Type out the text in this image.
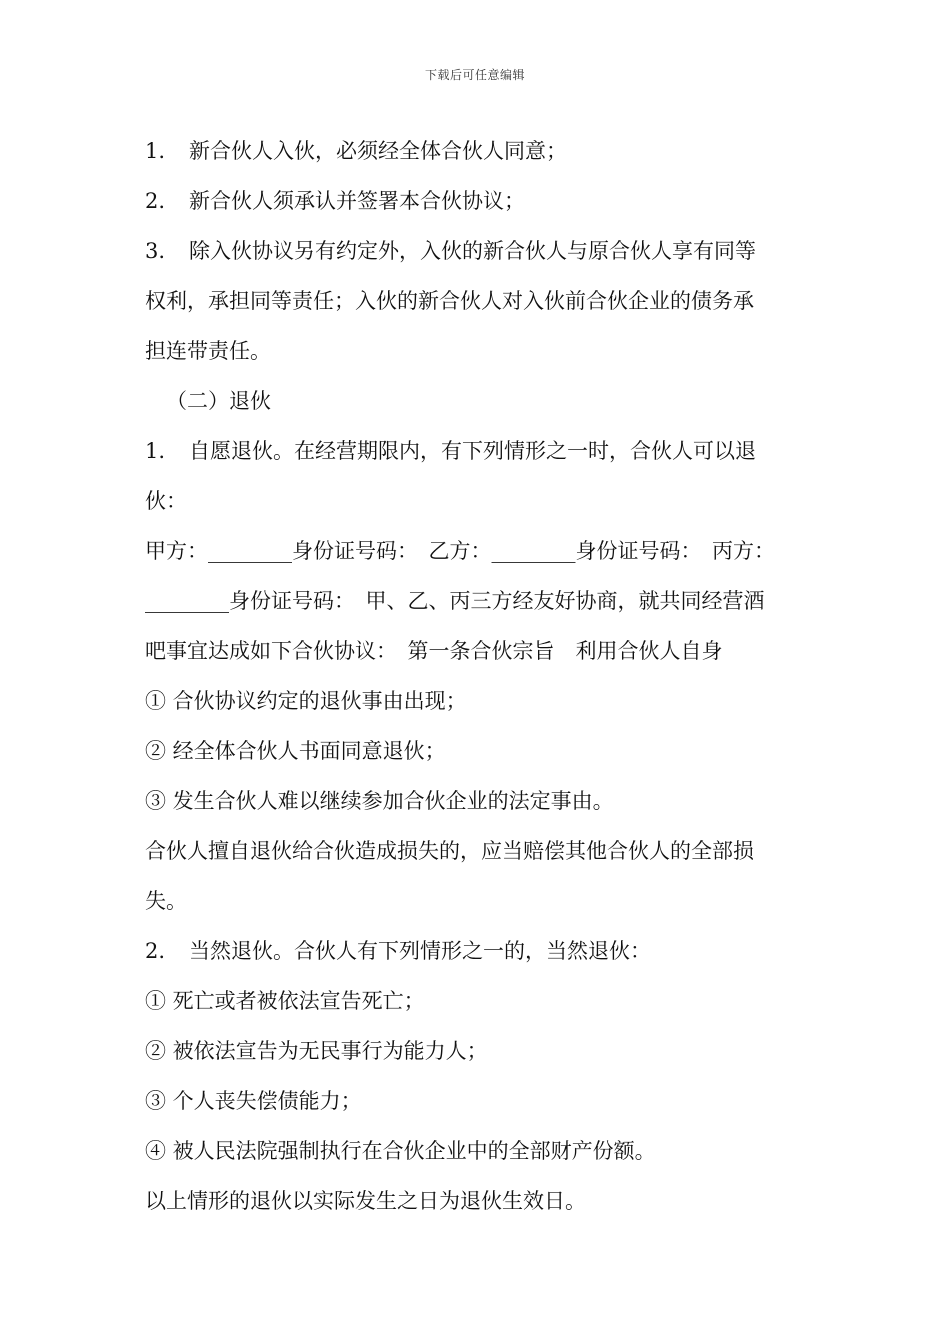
下载后可任意编辑
1. 新合伙人入伙，必须经全体合伙人同意；
2. 新合伙人须承认并签署本合伙协议；
3. 除入伙协议另有约定外，入伙的新合伙人与原合伙人享有同等
权利，承担同等责任；入伙的新合伙人对入伙前合伙企业的债务承
担连带责任。
（二）退伙
1. 自愿退伙。在经营期限内，有下列情形之一时，合伙人可以退
伙：
甲方：________身份证号码：　乙方：________身份证号码：　丙方：
________身份证号码：　甲、乙、丙三方经友好协商，就共同经营酒
吧事宜达成如下合伙协议：　第一条合伙宗旨　利用合伙人自身
① 合伙协议约定的退伙事由出现；
② 经全体合伙人书面同意退伙；
③ 发生合伙人难以继续参加合伙企业的法定事由。
合伙人擅自退伙给合伙造成损失的，应当赔偿其他合伙人的全部损
失。
2. 当然退伙。合伙人有下列情形之一的，当然退伙：
① 死亡或者被依法宣告死亡；
② 被依法宣告为无民事行为能力人；
③ 个人丧失偿债能力；
④ 被人民法院强制执行在合伙企业中的全部财产份额。
以上情形的退伙以实际发生之日为退伙生效日。
